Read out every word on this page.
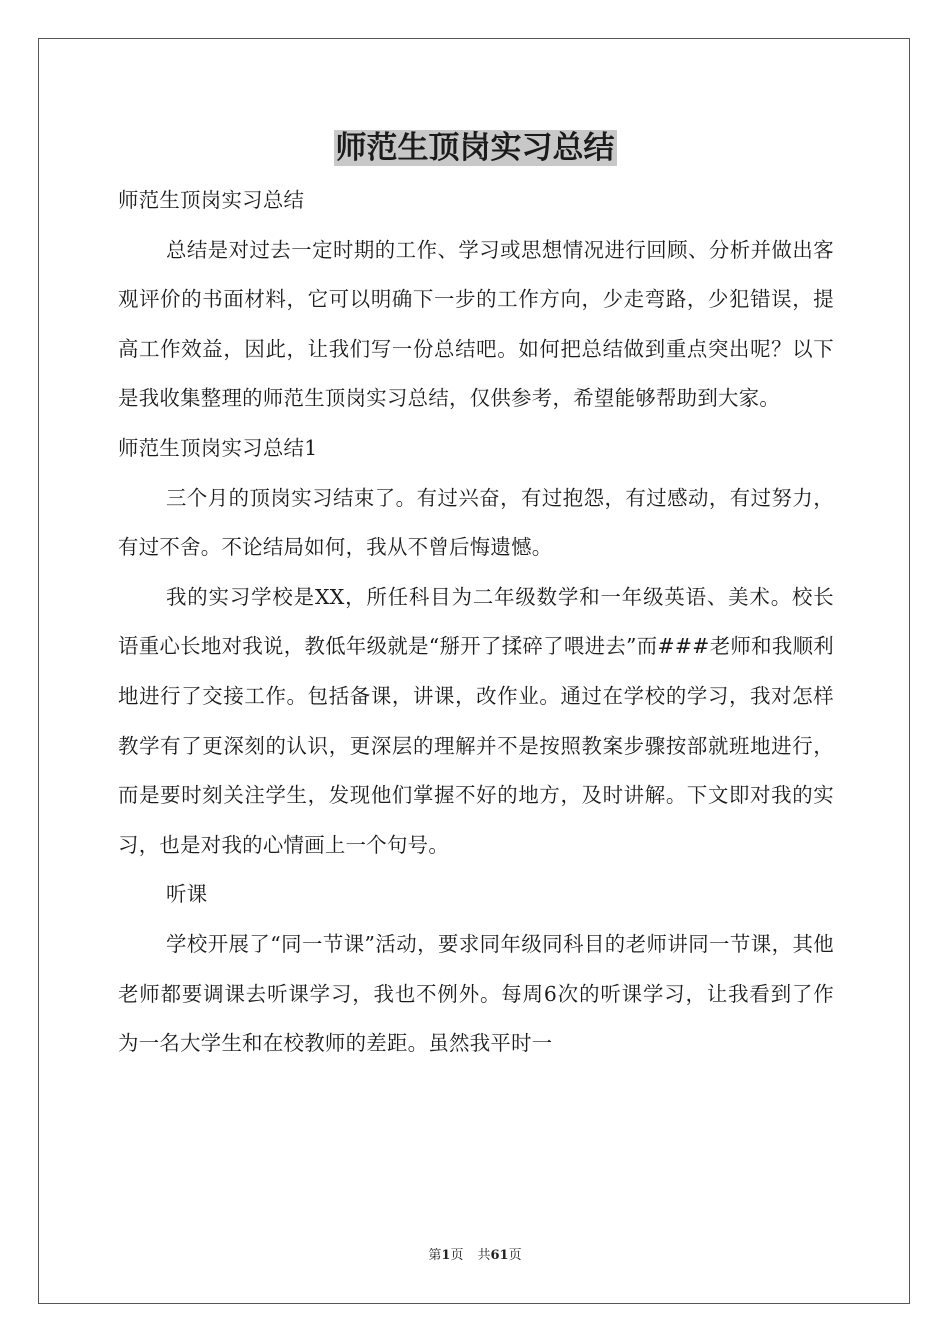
师范生顶岗实习总结

师范生顶岗实习总结

总结是对过去一定时期的工作、学习或思想情况进行回顾、分析并做出客观评价的书面材料，它可以明确下一步的工作方向，少走弯路，少犯错误，提高工作效益，因此，让我们写一份总结吧。如何把总结做到重点突出呢？以下是我收集整理的师范生顶岗实习总结，仅供参考，希望能够帮助到大家。

师范生顶岗实习总结1

三个月的顶岗实习结束了。有过兴奋，有过抱怨，有过感动，有过努力，有过不舍。不论结局如何，我从不曾后悔遗憾。

我的实习学校是XX，所任科目为二年级数学和一年级英语、美术。校长语重心长地对我说，教低年级就是“掰开了揉碎了喂进去”而###老师和我顺利地进行了交接工作。包括备课，讲课，改作业。通过在学校的学习，我对怎样教学有了更深刻的认识，更深层的理解并不是按照教案步骤按部就班地进行，而是要时刻关注学生，发现他们掌握不好的地方，及时讲解。下文即对我的实习，也是对我的心情画上一个句号。

听课

学校开展了“同一节课”活动，要求同年级同科目的老师讲同一节课，其他老师都要调课去听课学习，我也不例外。每周6次的听课学习，让我看到了作为一名大学生和在校教师的差距。虽然我平时一

第1页 共61页
